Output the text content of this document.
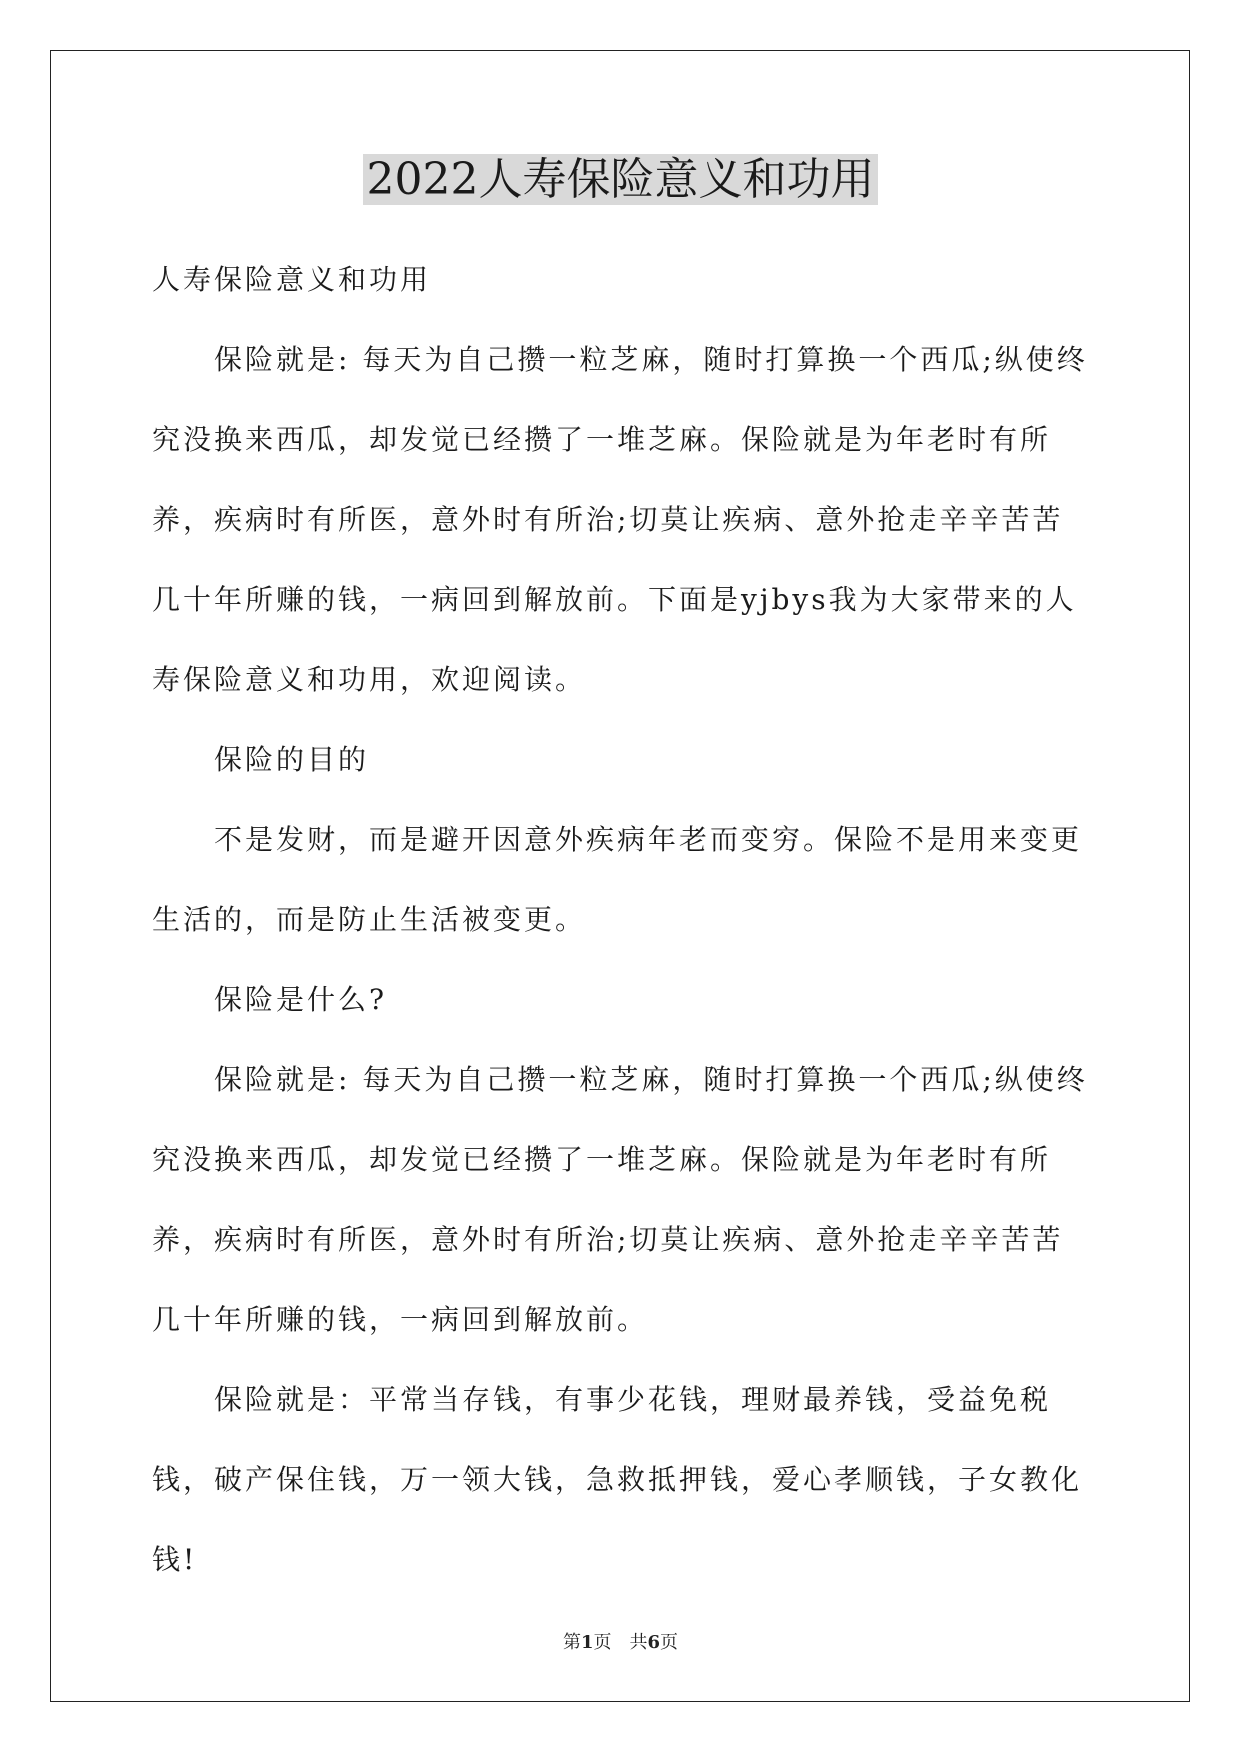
2022人寿保险意义和功用

人寿保险意义和功用

保险就是: 每天为自己攒一粒芝麻，随时打算换一个西瓜;纵使终究没换来西瓜，却发觉已经攒了一堆芝麻。保险就是为年老时有所养，疾病时有所医，意外时有所治;切莫让疾病、意外抢走辛辛苦苦几十年所赚的钱，一病回到解放前。下面是yjbys我为大家带来的人寿保险意义和功用，欢迎阅读。

保险的目的

不是发财，而是避开因意外疾病年老而变穷。保险不是用来变更生活的，而是防止生活被变更。

保险是什么?

保险就是: 每天为自己攒一粒芝麻，随时打算换一个西瓜;纵使终究没换来西瓜，却发觉已经攒了一堆芝麻。保险就是为年老时有所养，疾病时有所医，意外时有所治;切莫让疾病、意外抢走辛辛苦苦几十年所赚的钱，一病回到解放前。

保险就是：平常当存钱，有事少花钱，理财最养钱，受益免税钱，破产保住钱，万一领大钱，急救抵押钱，爱心孝顺钱，子女教化钱!

第1页　共6页
